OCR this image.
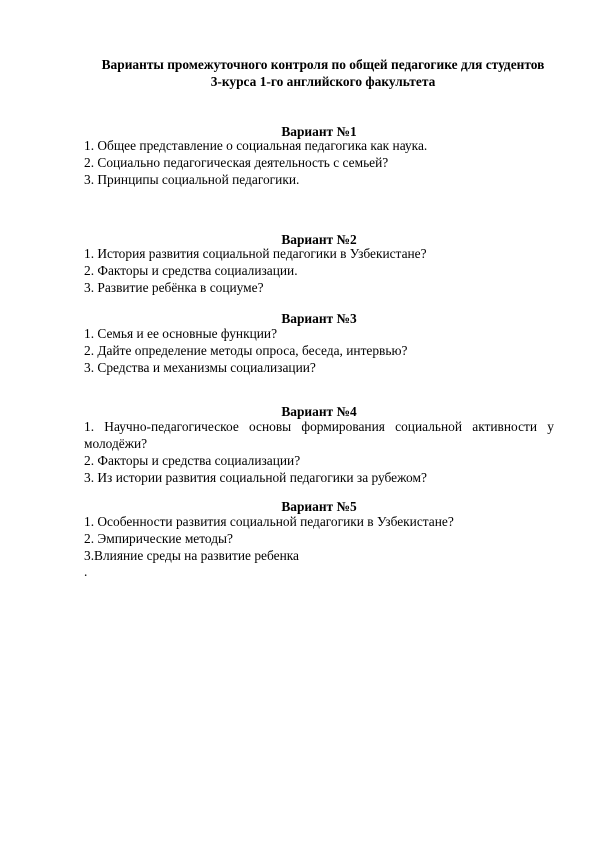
Варианты промежуточного контроля по общей педагогике для студентов

3-курса 1-го английского факультета

Вариант №1

1. Общее представление о социальная педагогика как наука.

2. Социально педагогическая деятельность с семьей?

3. Принципы социальной педагогики.

Вариант №2

1. История развития социальной педагогики в Узбекистане?

2. Факторы и средства социализации.

3. Развитие ребёнка в социуме?

Вариант №3

1. Семья и ее основные функции?

2. Дайте определение методы опроса, беседа, интервью?

3. Средства и механизмы социализации?

Вариант №4

1. Научно-педагогическое основы формирования социальной активности у

молодёжи?

2. Факторы и средства социализации?

3. Из истории развития социальной педагогики за рубежом?

Вариант №5

1. Особенности развития социальной педагогики в Узбекистане?

2. Эмпирические методы?

3.Влияние среды на развитие ребенка

.
